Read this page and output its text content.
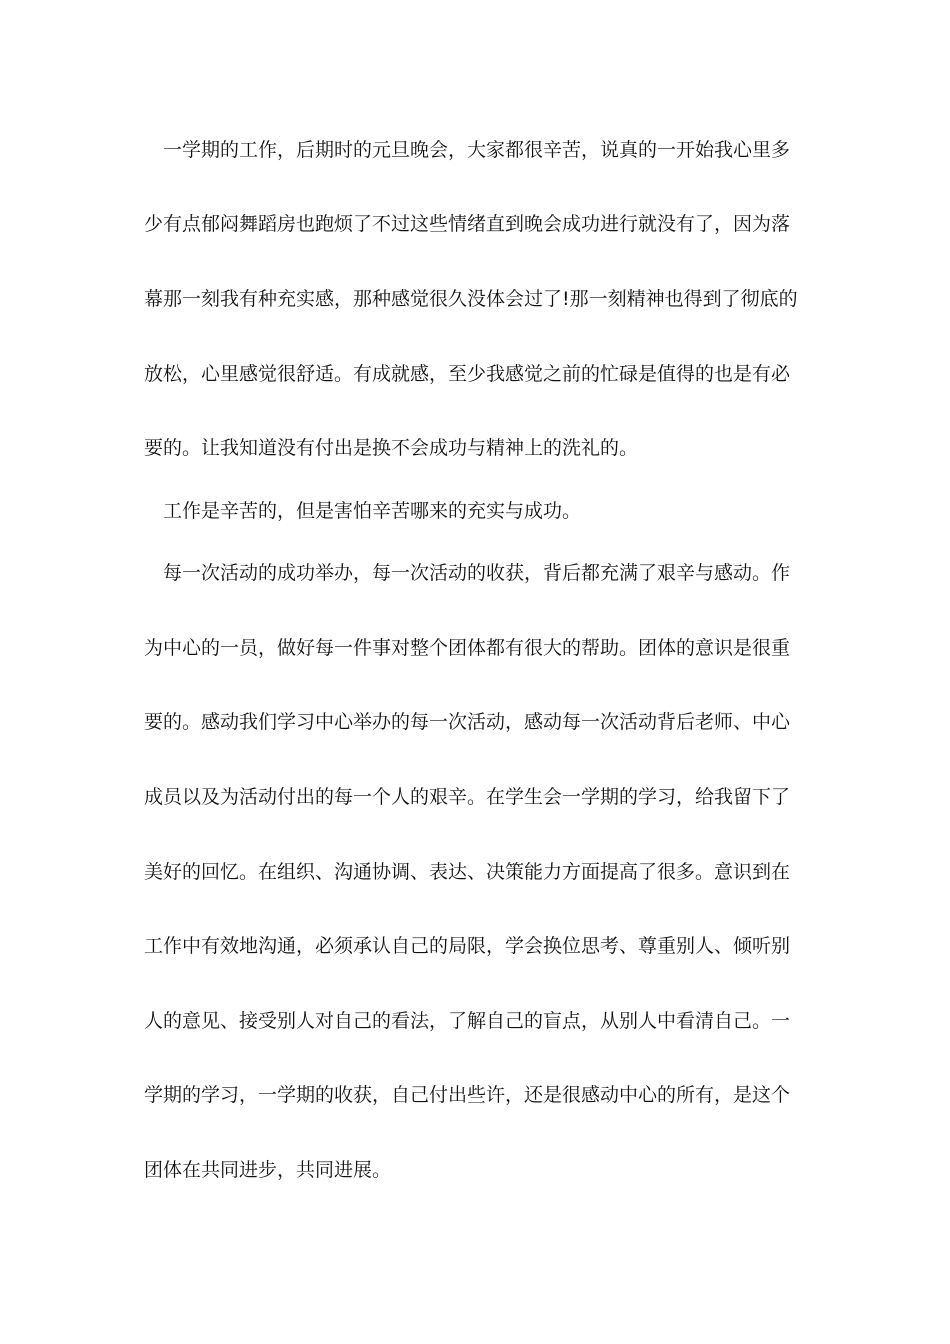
一学期的工作，后期时的元旦晚会，大家都很辛苦，说真的一开始我心里多
少有点郁闷舞蹈房也跑烦了不过这些情绪直到晚会成功进行就没有了，因为落
幕那一刻我有种充实感，那种感觉很久没体会过了!那一刻精神也得到了彻底的
放松，心里感觉很舒适。有成就感，至少我感觉之前的忙碌是值得的也是有必
要的。让我知道没有付出是换不会成功与精神上的洗礼的。
工作是辛苦的，但是害怕辛苦哪来的充实与成功。
每一次活动的成功举办，每一次活动的收获，背后都充满了艰辛与感动。作
为中心的一员，做好每一件事对整个团体都有很大的帮助。团体的意识是很重
要的。感动我们学习中心举办的每一次活动，感动每一次活动背后老师、中心
成员以及为活动付出的每一个人的艰辛。在学生会一学期的学习，给我留下了
美好的回忆。在组织、沟通协调、表达、决策能力方面提高了很多。意识到在
工作中有效地沟通，必须承认自己的局限，学会换位思考、尊重别人、倾听别
人的意见、接受别人对自己的看法，了解自己的盲点，从别人中看清自己。一
学期的学习，一学期的收获，自己付出些许，还是很感动中心的所有，是这个
团体在共同进步，共同进展。
